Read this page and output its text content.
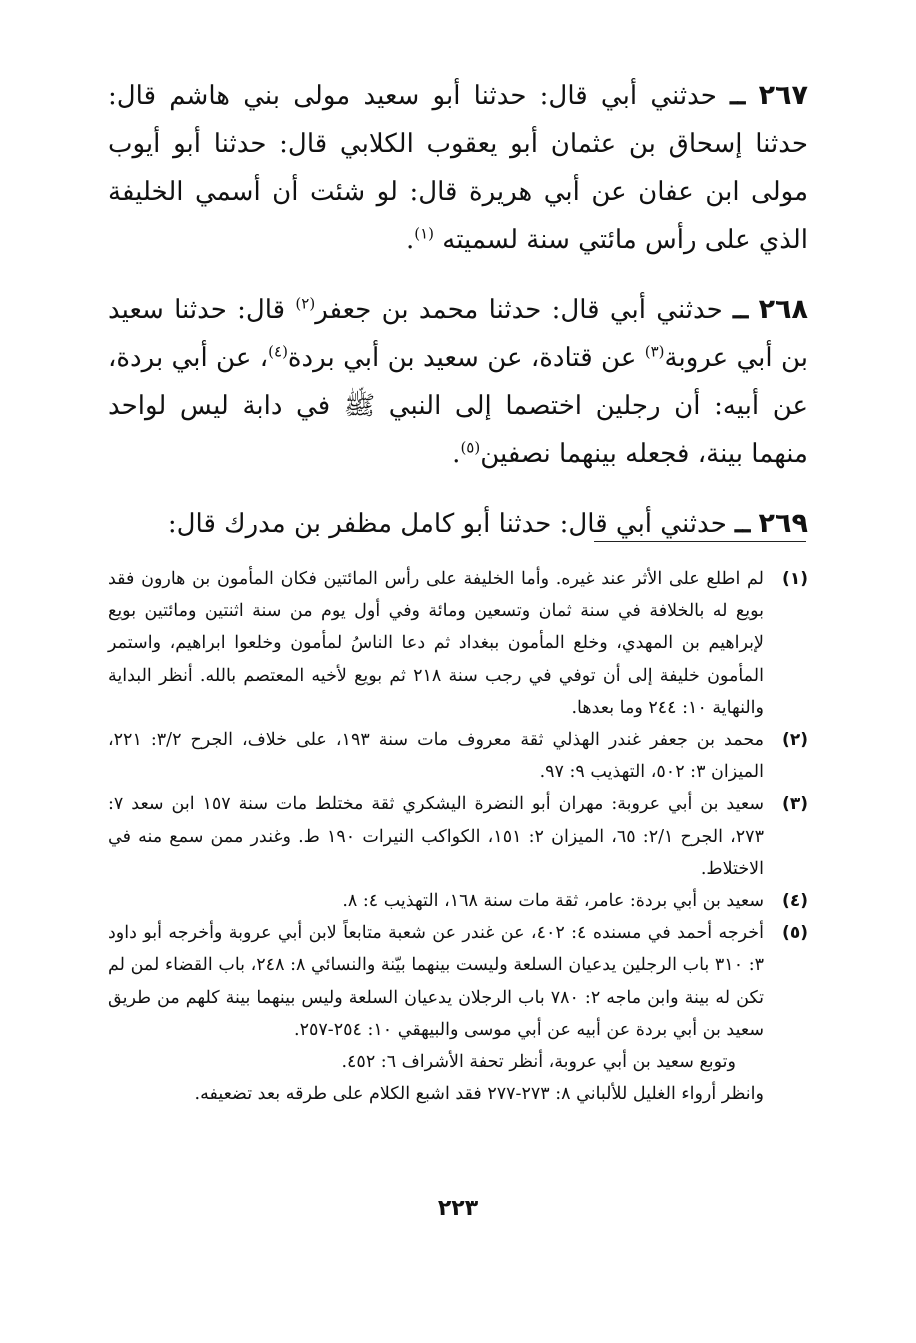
٢٦٧ ــ حدثني أبي قال: حدثنا أبو سعيد مولى بني هاشم قال: حدثنا إسحاق بن عثمان أبو يعقوب الكلابي قال: حدثنا أبو أيوب مولى ابن عفان عن أبي هريرة قال: لو شئت أن أسمي الخليفة الذي على رأس مائتي سنة لسميته $^{(١)}$.

٢٦٨ ــ حدثني أبي قال: حدثنا محمد بن جعفر$^{(٢)}$ قال: حدثنا سعيد بن أبي عروبة$^{(٣)}$ عن قتادة، عن سعيد بن أبي بردة$^{(٤)}$، عن أبي بردة، عن أبيه: أن رجلين اختصما إلى النبي ﷺ في دابة ليس لواحد منهما بينة، فجعله بينهما نصفين$^{(٥)}$.

٢٦٩ ــ حدثني أبي قال: حدثنا أبو كامل مظفر بن مدرك قال:

(١)
لم اطلع على الأثر عند غيره. وأما الخليفة على رأس المائتين فكان المأمون بن هارون فقد بويع له بالخلافة في سنة ثمان وتسعين ومائة وفي أول يوم من سنة اثنتين ومائتين بويع لإبراهيم بن المهدي، وخلع المأمون ببغداد ثم دعا الناسُ لمأمون وخلعوا ابراهيم، واستمر المأمون خليفة إلى أن توفي في رجب سنة ٢١٨ ثم بويع لأخيه المعتصم بالله. أنظر البداية والنهاية ١٠: ٢٤٤ وما بعدها.
(٢)
محمد بن جعفر غندر الهذلي ثقة معروف مات سنة ١٩٣، على خلاف، الجرح ٣/٢: ٢٢١، الميزان ٣: ٥٠٢، التهذيب ٩: ٩٧.
(٣)
سعيد بن أبي عروبة: مهران أبو النضرة اليشكري ثقة مختلط مات سنة ١٥٧ ابن سعد ٧: ٢٧٣، الجرح ٢/١: ٦٥، الميزان ٢: ١٥١، الكواكب النيرات ١٩٠ ط. وغندر ممن سمع منه في الاختلاط.
(٤)
سعيد بن أبي بردة: عامر، ثقة مات سنة ١٦٨، التهذيب ٤: ٨.
(٥)
أخرجه أحمد في مسنده ٤: ٤٠٢، عن غندر عن شعبة متابعاً لابن أبي عروبة وأخرجه أبو داود ٣: ٣١٠ باب الرجلين يدعيان السلعة وليست بينهما بيّنة والنسائي ٨: ٢٤٨، باب القضاء لمن لم تكن له بينة وابن ماجه ٢: ٧٨٠ باب الرجلان يدعيان السلعة وليس بينهما بينة كلهم من طريق سعيد بن أبي بردة عن أبيه عن أبي موسى والبيهقي ١٠: ٢٥٤-٢٥٧.
وتوبع سعيد بن أبي عروبة، أنظر تحفة الأشراف ٦: ٤٥٢.
وانظر أرواء الغليل للألباني ٨: ٢٧٣-٢٧٧ فقد اشبع الكلام على طرقه بعد تضعيفه.
٢٢٣
